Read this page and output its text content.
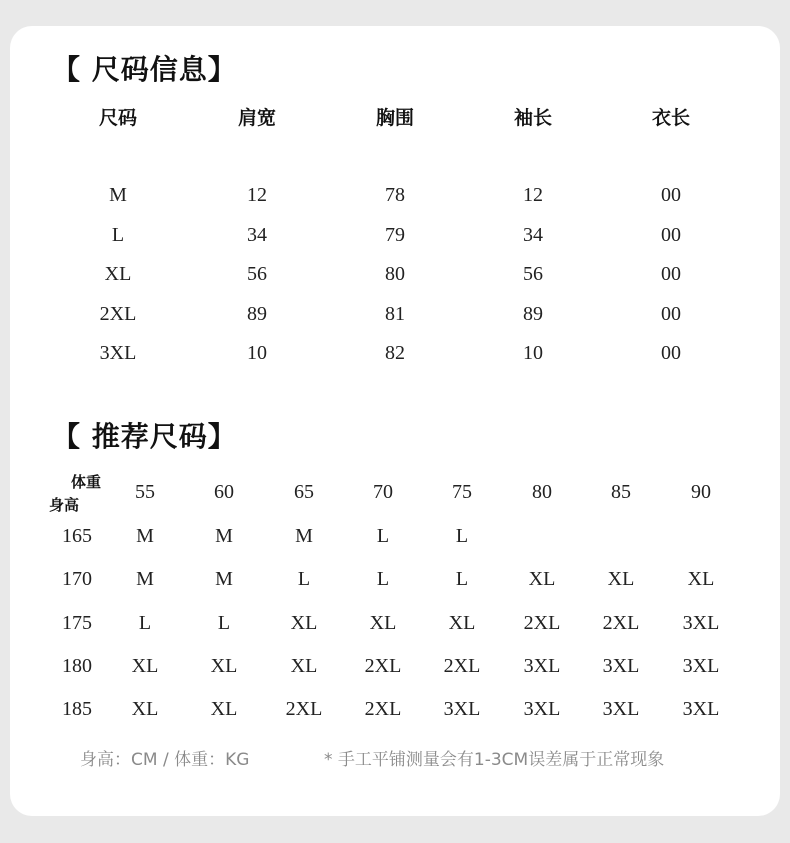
【 尺码信息】
尺码	肩宽	胸围	袖长	衣长
M	12	78	12	00
L	34	79	34	00
XL	56	80	56	00
2XL	89	81	89	00
3XL	10	82	10	00
【 推荐尺码】
体重
身高
55	60	65	70	75	80	85	90
165	M	M	M	L	L
170	M	M	L	L	L	XL	XL	XL
175	L	L	XL	XL	XL	2XL	2XL	3XL
180	XL	XL	XL	2XL	2XL	3XL	3XL	3XL
185	XL	XL	2XL	2XL	3XL	3XL	3XL	3XL
身高：CM / 体重：KG	* 手工平铺测量会有1-3CM误差属于正常现象
